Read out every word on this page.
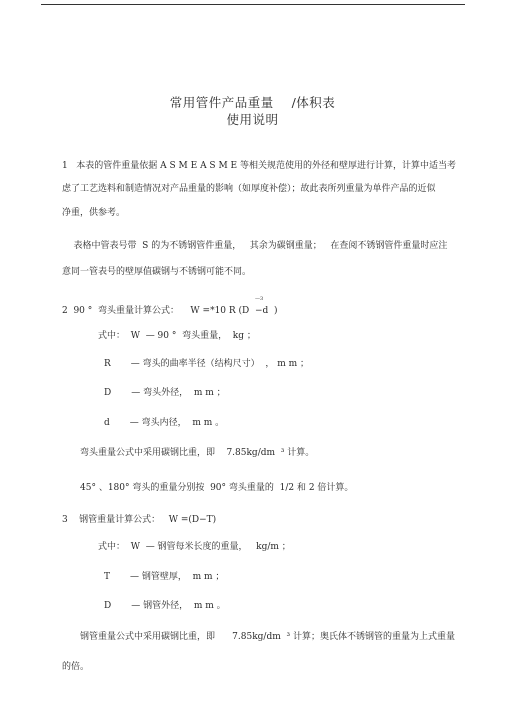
常用管件产品重量    /体积表
使用说明
1   本表的管件重量依据 A S M E A S M E 等相关规范使用的外径和壁厚进行计算，计算中适当考
虑了工艺选料和制造情况对产品重量的影响（如厚度补偿）；故此表所列重量为单件产品的近似
净重，供参考。
表格中管表号带  S 的为不锈钢管件重量，   其余为碳钢重量；   在查阅不锈钢管件重量时应注
意同一管表号的壁厚值碳钢与不锈钢可能不同。
—3
2  90 °  弯头重量计算公式：    W =*10 R (D  −d  )
式中：  W  — 90 °  弯头重量，  kg ；
R       — 弯头的曲率半径（结构尺寸）  ， m m ；
D       — 弯头外径，  m m ；
d       — 弯头内径，  m m 。
弯头重量公式中采用碳钢比重，即    7.85kg/dm  ³ 计算。
45° 、180° 弯头的重量分别按  90° 弯头重量的  1/2 和 2 倍计算。
3    钢管重量计算公式：   W =(D−T)
式中：  W  — 钢管每米长度的重量，   kg/m ；
T       — 钢管壁厚，  m m ；
D       — 钢管外径，  m m 。
钢管重量公式中采用碳钢比重，即      7.85kg/dm  ³ 计算；奥氏体不锈钢管的重量为上式重量
的倍。
